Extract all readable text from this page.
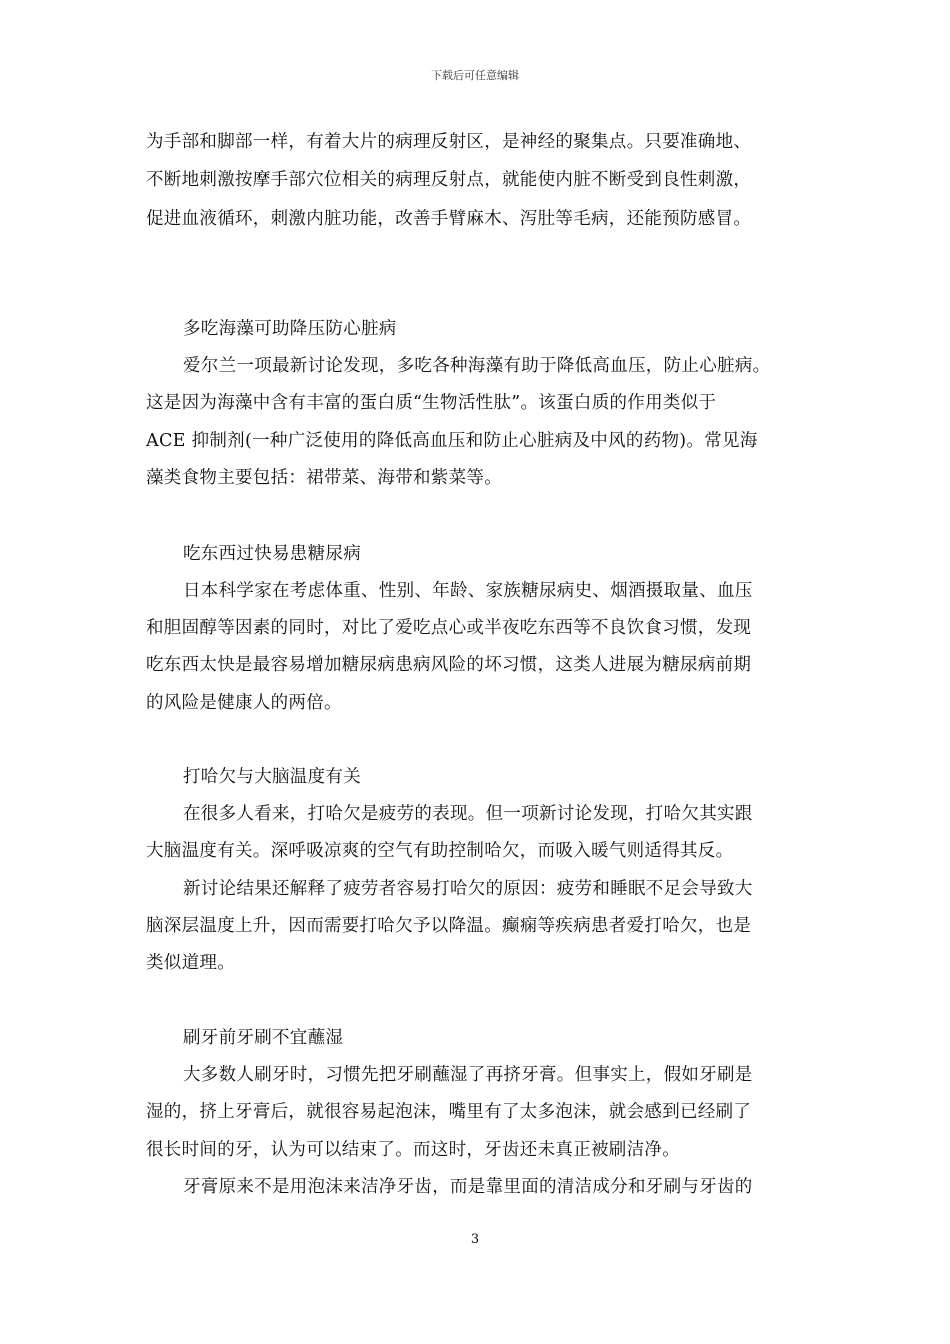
下载后可任意编辑
为手部和脚部一样，有着大片的病理反射区，是神经的聚集点。只要准确地、
不断地刺激按摩手部穴位相关的病理反射点，就能使内脏不断受到良性刺激，
促进血液循环，刺激内脏功能，改善手臂麻木、泻肚等毛病，还能预防感冒。
多吃海藻可助降压防心脏病
爱尔兰一项最新讨论发现，多吃各种海藻有助于降低高血压，防止心脏病。
这是因为海藻中含有丰富的蛋白质“生物活性肽”。该蛋白质的作用类似于
ACE 抑制剂(一种广泛使用的降低高血压和防止心脏病及中风的药物)。常见海
藻类食物主要包括：裙带菜、海带和紫菜等。
吃东西过快易患糖尿病
日本科学家在考虑体重、性别、年龄、家族糖尿病史、烟酒摄取量、血压
和胆固醇等因素的同时，对比了爱吃点心或半夜吃东西等不良饮食习惯，发现
吃东西太快是最容易增加糖尿病患病风险的坏习惯，这类人进展为糖尿病前期
的风险是健康人的两倍。
打哈欠与大脑温度有关
在很多人看来，打哈欠是疲劳的表现。但一项新讨论发现，打哈欠其实跟
大脑温度有关。深呼吸凉爽的空气有助控制哈欠，而吸入暖气则适得其反。
新讨论结果还解释了疲劳者容易打哈欠的原因：疲劳和睡眠不足会导致大
脑深层温度上升，因而需要打哈欠予以降温。癫痫等疾病患者爱打哈欠，也是
类似道理。
刷牙前牙刷不宜蘸湿
大多数人刷牙时，习惯先把牙刷蘸湿了再挤牙膏。但事实上，假如牙刷是
湿的，挤上牙膏后，就很容易起泡沫，嘴里有了太多泡沫，就会感到已经刷了
很长时间的牙，认为可以结束了。而这时，牙齿还未真正被刷洁净。
牙膏原来不是用泡沫来洁净牙齿，而是靠里面的清洁成分和牙刷与牙齿的
3
